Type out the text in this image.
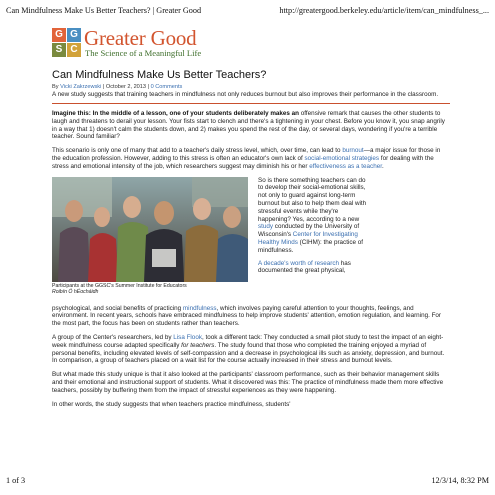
Can Mindfulness Make Us Better Teachers? | Greater Good	http://greatergood.berkeley.edu/article/item/can_mindfulness_...
G G
S C Greater Good
The Science of a Meaningful Life
Can Mindfulness Make Us Better Teachers?
By Vicki Zakrzewski | October 2, 2013 | 0 Comments
A new study suggests that training teachers in mindfulness not only reduces burnout but also improves their performance in the classroom.

Imagine this: In the middle of a lesson, one of your students deliberately makes an offensive remark that causes the other students to laugh and threatens to derail your lesson. Your fists start to clench and there's a tightening in your chest. Before you know it, you snap angrily in a way that 1) doesn't calm the students down, and 2) makes you spend the rest of the day, or several days, wondering if you're a terrible teacher. Sound familiar?

This scenario is only one of many that add to a teacher's daily stress level, which, over time, can lead to burnout—a major issue for those in the education profession. However, adding to this stress is often an educator's own lack of social-emotional strategies for dealing with the stress and emotional intensity of the job, which researchers suggest may diminish his or her effectiveness as a teacher.

Participants at the GGSC's Summer Institute for Educators
Roibín Ó hÉocháidh
So is there something teachers can do to develop their social-emotional skills, not only to guard against long-term burnout but also to help them deal with stressful events while they're happening? Yes, according to a new study conducted by the University of Wisconsin's Center for Investigating Healthy Minds (CIHM): the practice of mindfulness.
A decade's worth of research has documented the great physical,

psychological, and social benefits of practicing mindfulness, which involves paying careful attention to your thoughts, feelings, and environment. In recent years, schools have embraced mindfulness to help improve students' attention, emotion regulation, and learning. For the most part, the focus has been on students rather than teachers.

A group of the Center's researchers, led by Lisa Flook, took a different tack: They conducted a small pilot study to test the impact of an eight-week mindfulness course adapted specifically for teachers. The study found that those who completed the training enjoyed a myriad of personal benefits, including elevated levels of self-compassion and a decrease in psychological ills such as anxiety, depression, and burnout. In comparison, a group of teachers placed on a wait list for the course actually increased in their stress and burnout levels.

But what made this study unique is that it also looked at the participants' classroom performance, such as their behavior management skills and their emotional and instructional support of students. What it discovered was this: The practice of mindfulness made them more effective teachers, possibly by buffering them from the impact of stressful experiences as they were happening.

In other words, the study suggests that when teachers practice mindfulness, students'

1 of 3	12/3/14, 8:32 PM
